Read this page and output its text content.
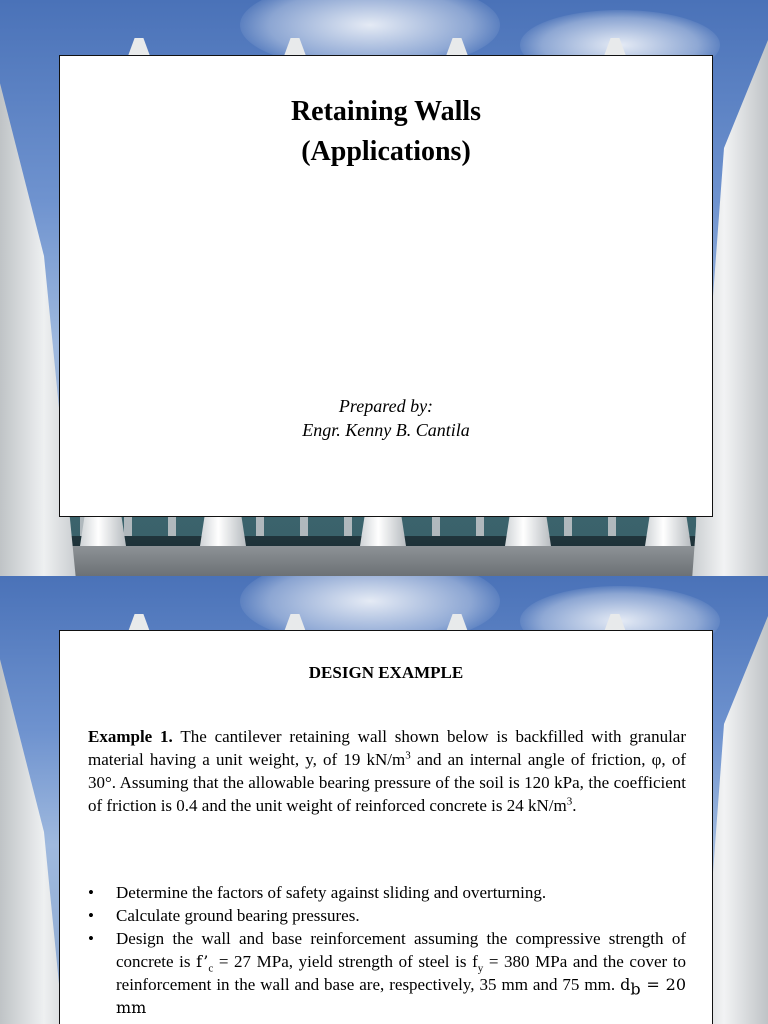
Retaining Walls
(Applications)
Prepared by:
Engr. Kenny B. Cantila
DESIGN EXAMPLE
Example 1. The cantilever retaining wall shown below is backfilled with granular material having a unit weight, y, of 19 $kN/m^3$ and an internal angle of friction, φ, of 30°. Assuming that the allowable bearing pressure of the soil is 120 kPa, the coefficient of friction is 0.4 and the unit weight of reinforced concrete is 24 $kN/m^3$.
• Determine the factors of safety against sliding and overturning.
• Calculate ground bearing pressures.
• Design the wall and base reinforcement assuming the compressive strength of concrete is $f’_c = 27$ MPa, yield strength of steel is $f_y = 380$ MPa and the cover to reinforcement in the wall and base are, respectively, 35 mm and 75 mm. $d_b = 20$ mm
